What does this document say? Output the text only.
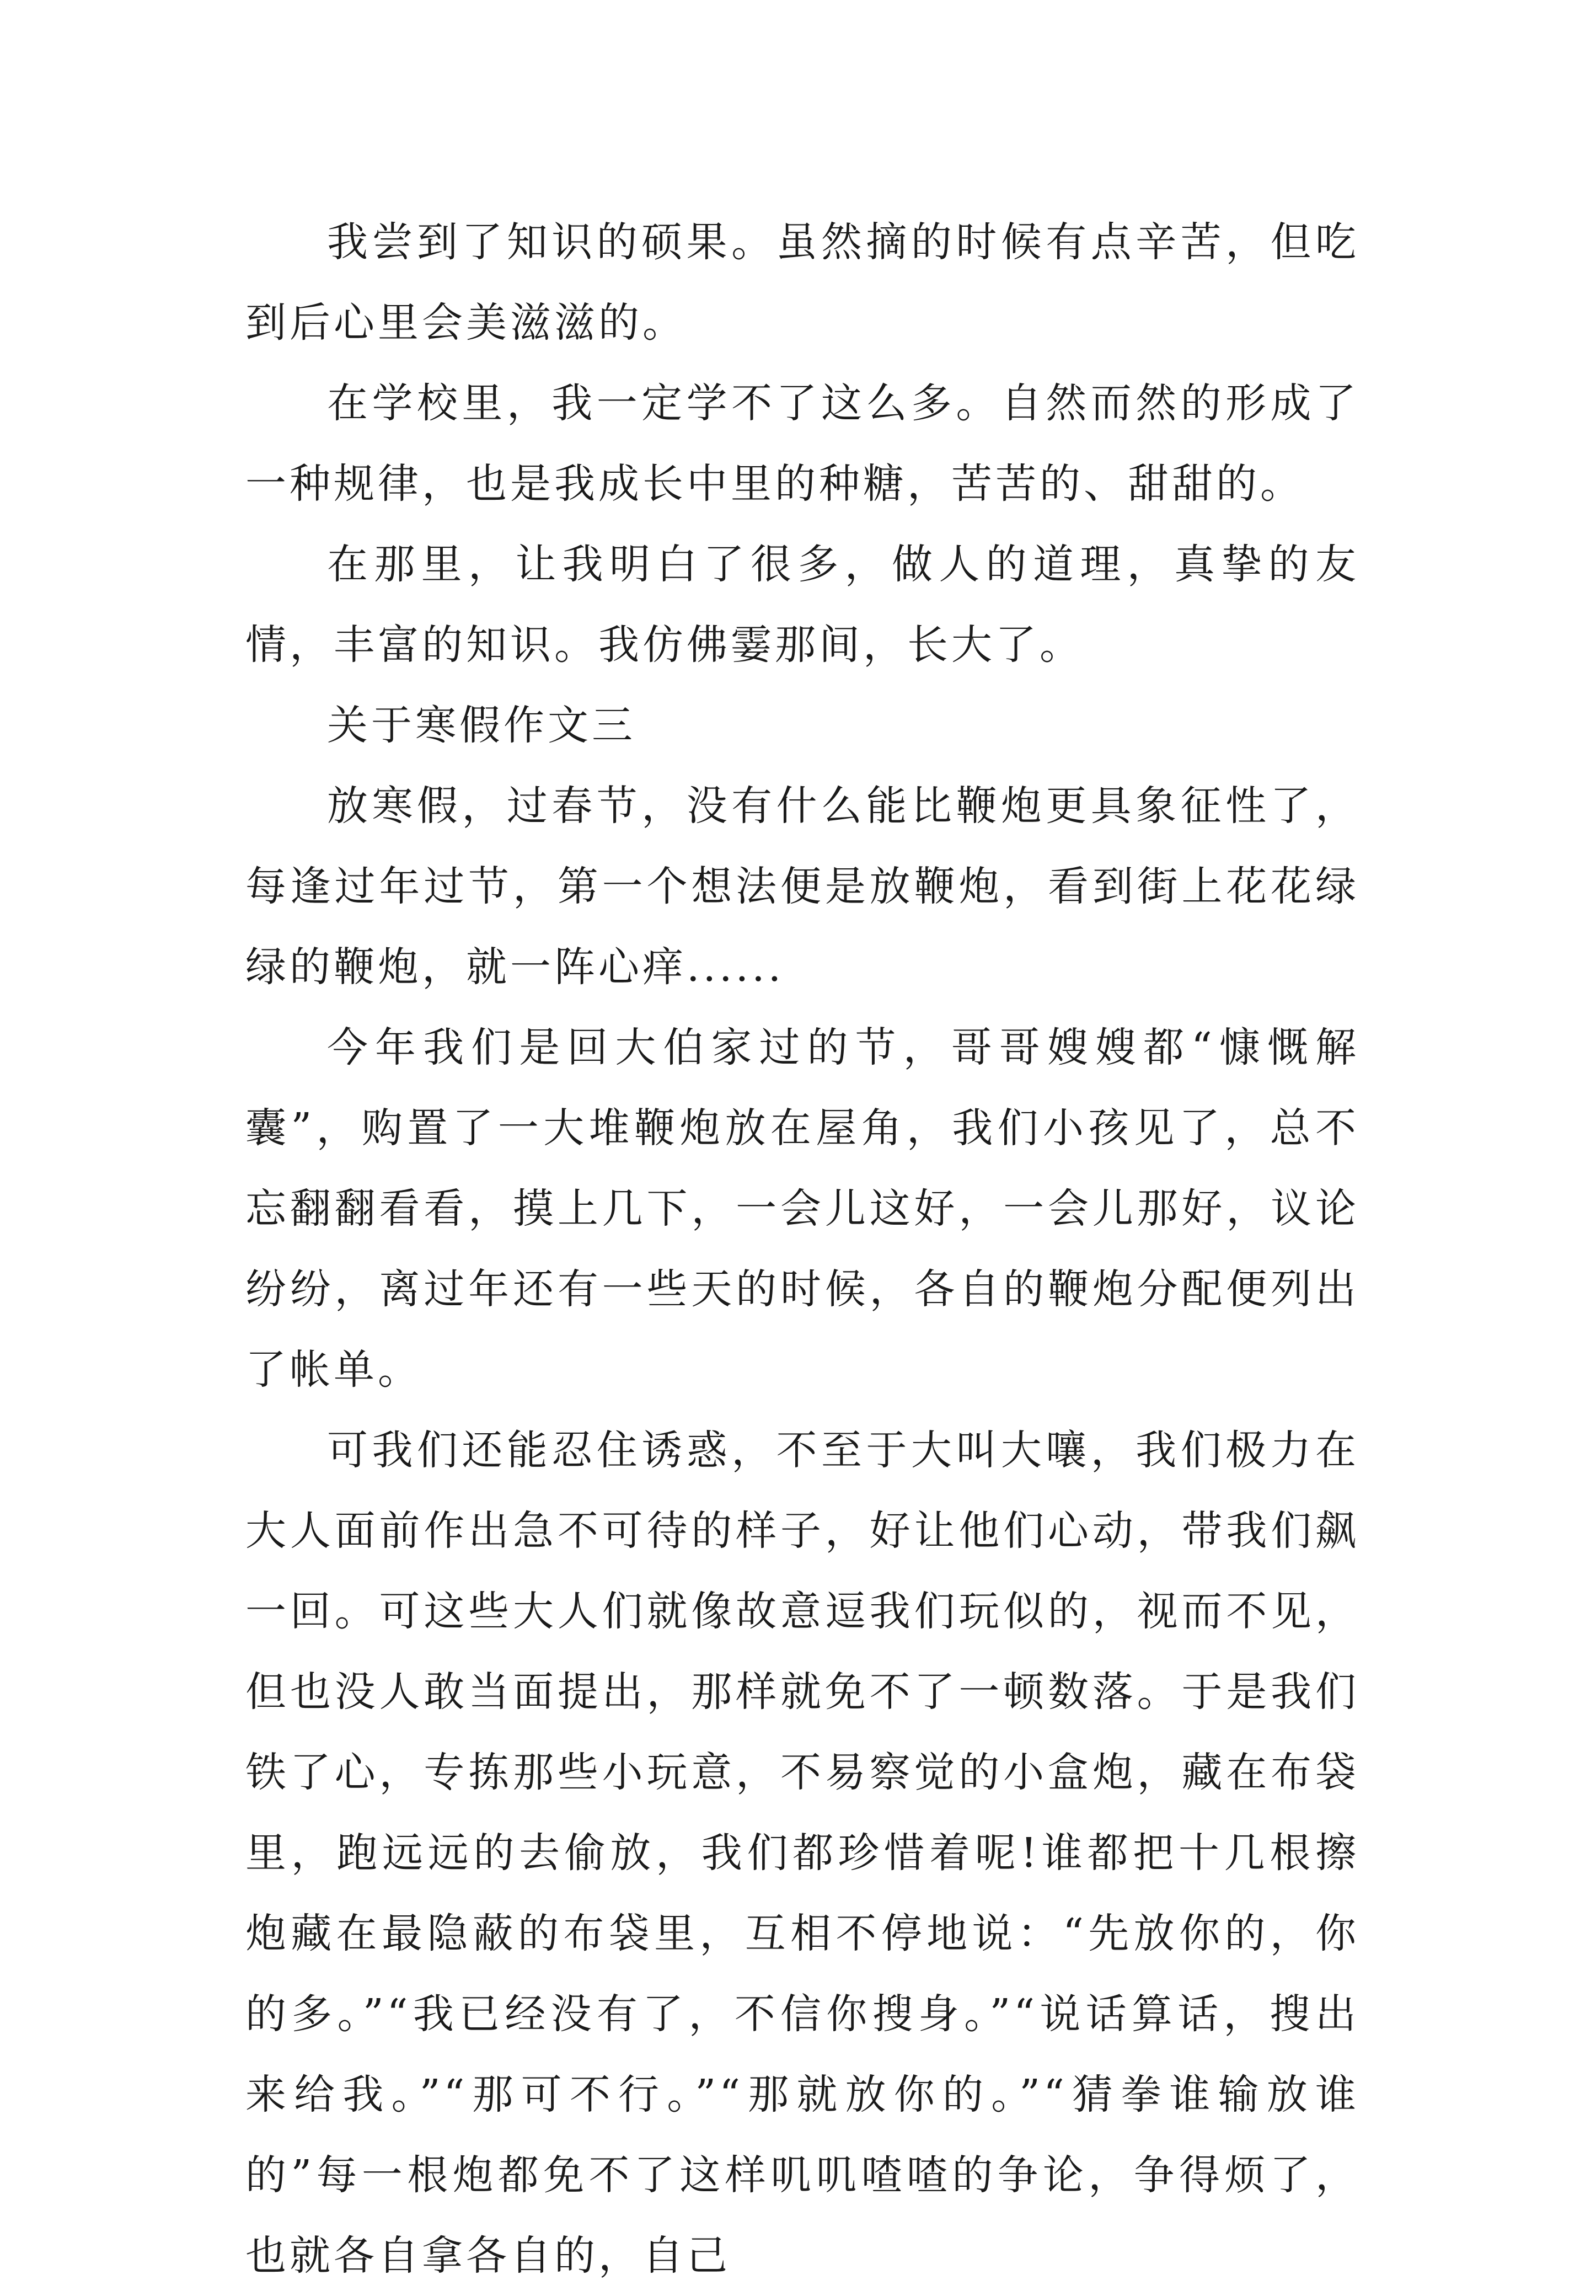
我尝到了知识的硕果。虽然摘的时候有点辛苦，但吃到后心里会美滋滋的。

在学校里，我一定学不了这么多。自然而然的形成了一种规律，也是我成长中里的种糖，苦苦的、甜甜的。

在那里，让我明白了很多，做人的道理，真挚的友情，丰富的知识。我仿佛霎那间，长大了。

关于寒假作文三

放寒假，过春节，没有什么能比鞭炮更具象征性了，每逢过年过节，第一个想法便是放鞭炮，看到街上花花绿绿的鞭炮，就一阵心痒......

今年我们是回大伯家过的节，哥哥嫂嫂都“慷慨解囊”，购置了一大堆鞭炮放在屋角，我们小孩见了，总不忘翻翻看看，摸上几下，一会儿这好，一会儿那好，议论纷纷，离过年还有一些天的时候，各自的鞭炮分配便列出了帐单。

可我们还能忍住诱惑，不至于大叫大嚷，我们极力在大人面前作出急不可待的样子，好让他们心动，带我们飙一回。可这些大人们就像故意逗我们玩似的，视而不见，但也没人敢当面提出，那样就免不了一顿数落。于是我们铁了心，专拣那些小玩意，不易察觉的小盒炮，藏在布袋里，跑远远的去偷放，我们都珍惜着呢!谁都把十几根擦炮藏在最隐蔽的布袋里，互相不停地说：“先放你的，你的多。”“我已经没有了，不信你搜身。”“说话算话，搜出来给我。”“那可不行。”“那就放你的。”“猜拳谁输放谁的”每一根炮都免不了这样叽叽喳喳的争论，争得烦了，也就各自拿各自的，自己
